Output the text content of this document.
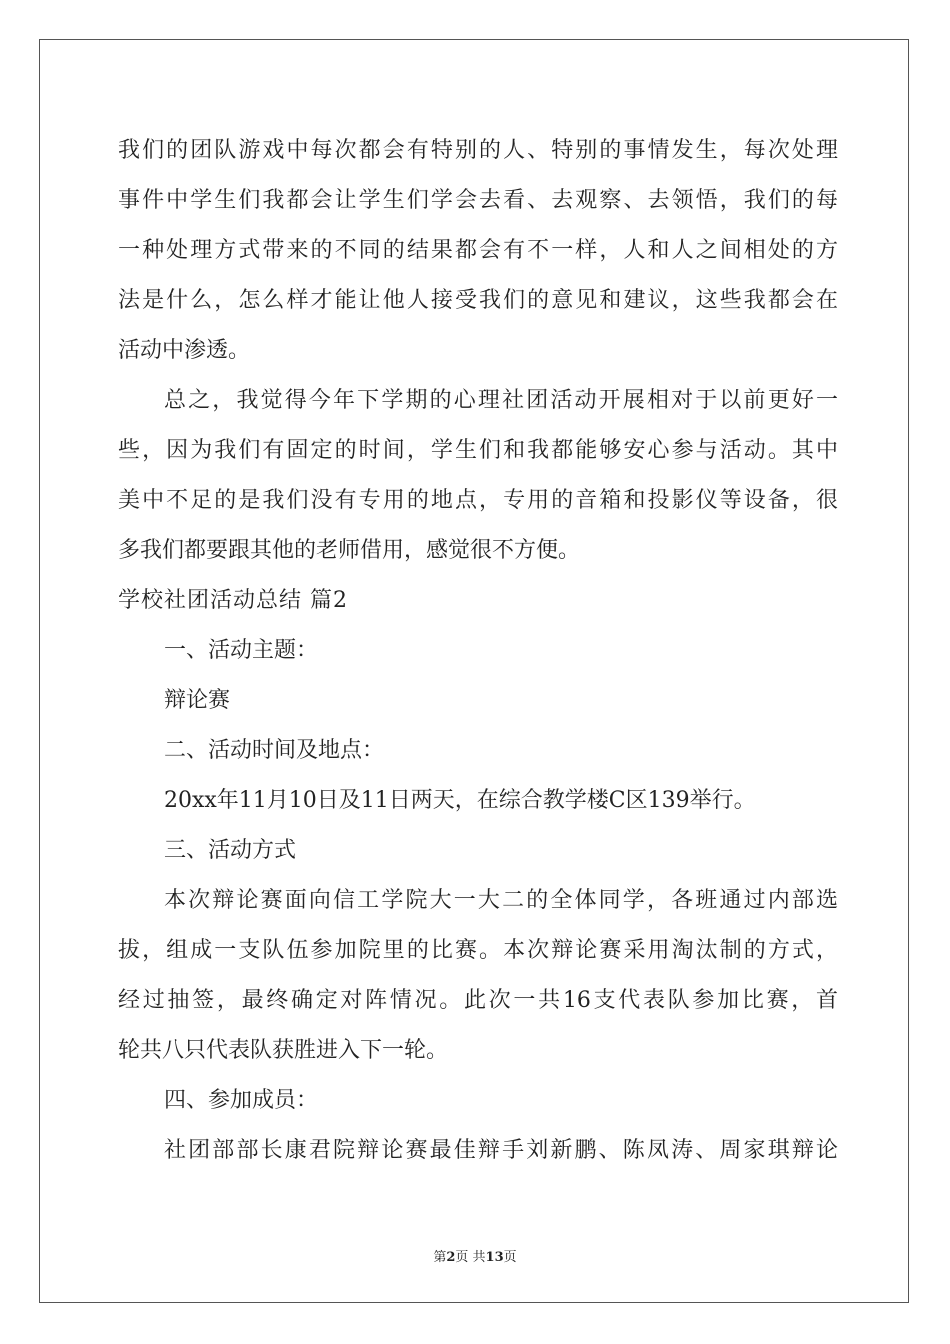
我们的团队游戏中每次都会有特别的人、特别的事情发生，每次处理
事件中学生们我都会让学生们学会去看、去观察、去领悟，我们的每
一种处理方式带来的不同的结果都会有不一样，人和人之间相处的方
法是什么，怎么样才能让他人接受我们的意见和建议，这些我都会在
活动中渗透。
总之，我觉得今年下学期的心理社团活动开展相对于以前更好一
些，因为我们有固定的时间，学生们和我都能够安心参与活动。其中
美中不足的是我们没有专用的地点，专用的音箱和投影仪等设备，很
多我们都要跟其他的老师借用，感觉很不方便。
学校社团活动总结 篇2
一、活动主题：
辩论赛
二、活动时间及地点：
20xx年11月10日及11日两天，在综合教学楼C区139举行。
三、活动方式
本次辩论赛面向信工学院大一大二的全体同学，各班通过内部选
拔，组成一支队伍参加院里的比赛。本次辩论赛采用淘汰制的方式，
经过抽签，最终确定对阵情况。此次一共16支代表队参加比赛，首
轮共八只代表队获胜进入下一轮。
四、参加成员：
社团部部长康君院辩论赛最佳辩手刘新鹏、陈凤涛、周家琪辩论
第2页 共13页
